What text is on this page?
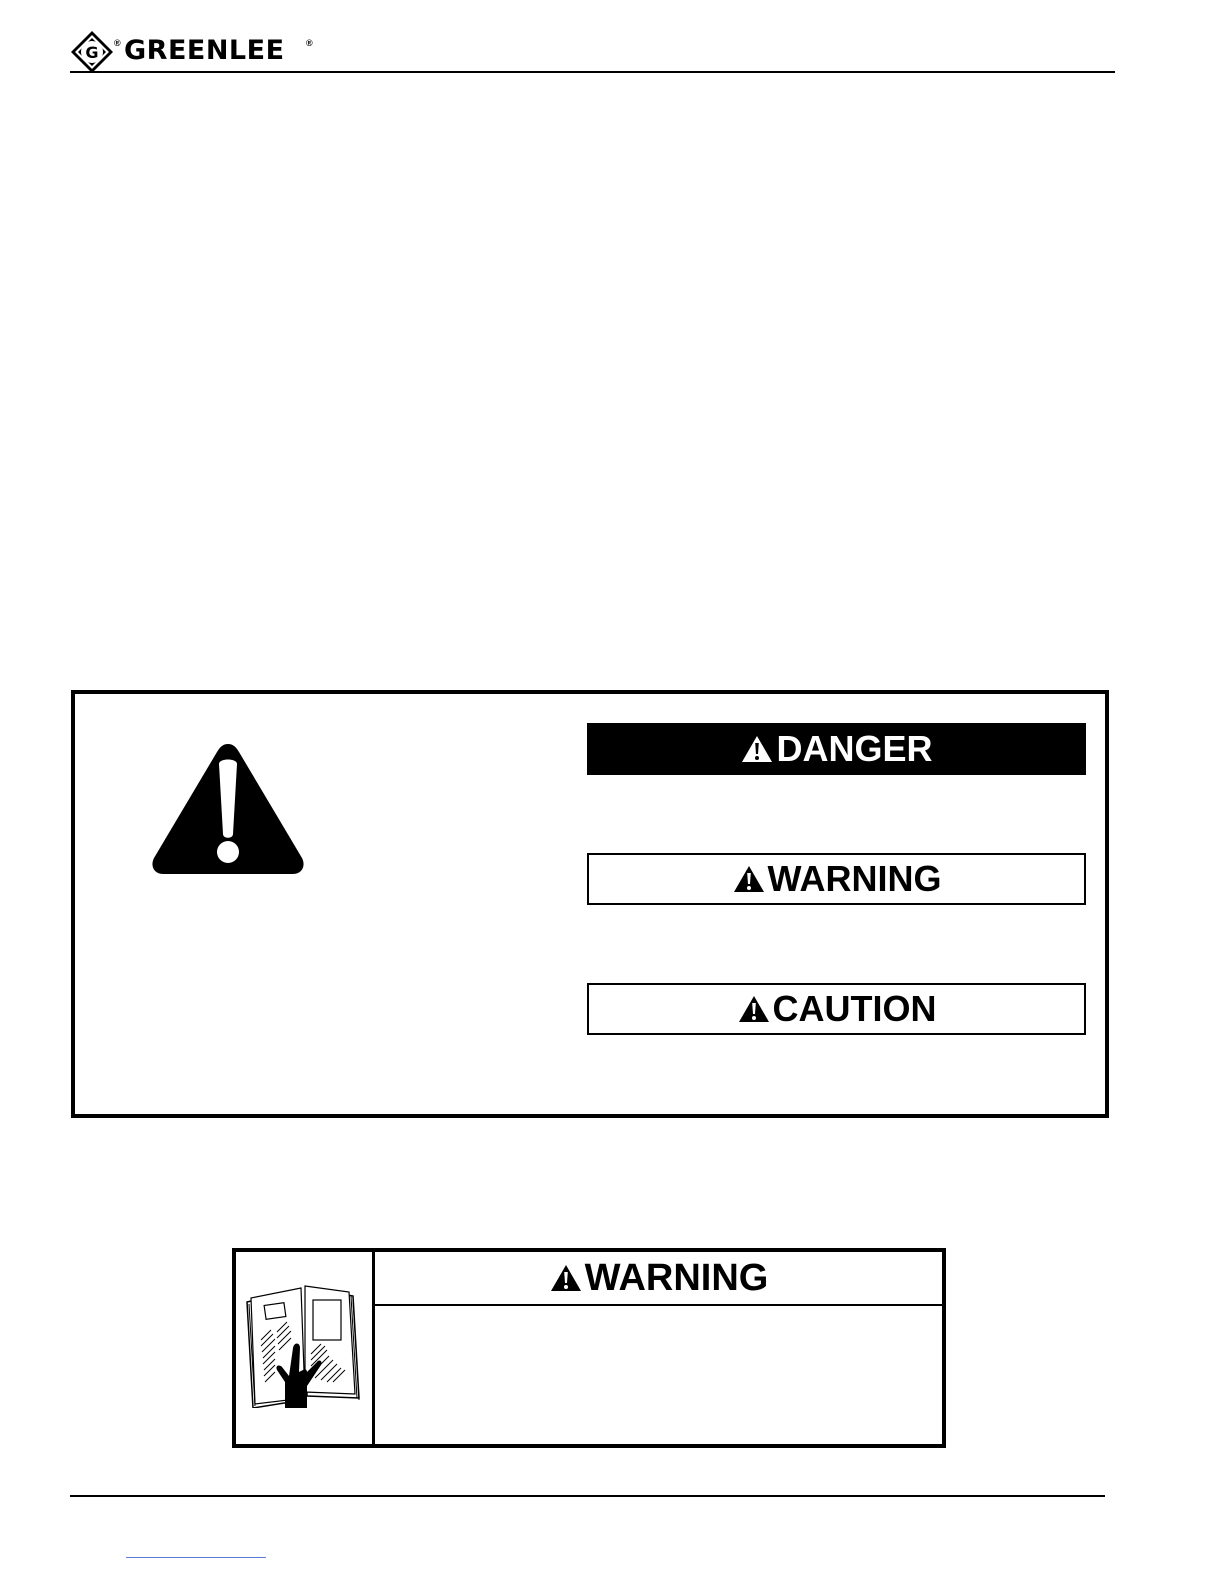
G ® GREENLEE ®
DANGER
WARNING
CAUTION
WARNING
